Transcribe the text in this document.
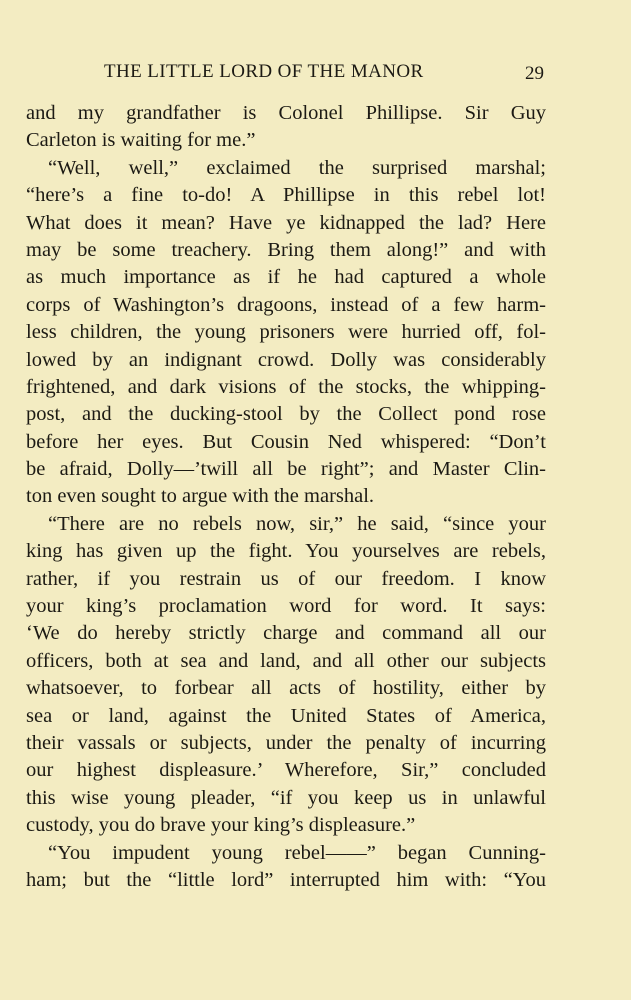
THE LITTLE LORD OF THE MANOR	29
and my grandfather is Colonel Phillipse. Sir Guy
Carleton is waiting for me.”
“Well, well,” exclaimed the surprised marshal;
“here’s a fine to-do! A Phillipse in this rebel lot!
What does it mean? Have ye kidnapped the lad? Here
may be some treachery. Bring them along!” and with
as much importance as if he had captured a whole
corps of Washington’s dragoons, instead of a few harm-
less children, the young prisoners were hurried off, fol-
lowed by an indignant crowd. Dolly was considerably
frightened, and dark visions of the stocks, the whipping-
post, and the ducking-stool by the Collect pond rose
before her eyes. But Cousin Ned whispered: “Don’t
be afraid, Dolly—’twill all be right”; and Master Clin-
ton even sought to argue with the marshal.
“There are no rebels now, sir,” he said, “since your
king has given up the fight. You yourselves are rebels,
rather, if you restrain us of our freedom. I know
your king’s proclamation word for word. It says:
‘We do hereby strictly charge and command all our
officers, both at sea and land, and all other our subjects
whatsoever, to forbear all acts of hostility, either by
sea or land, against the United States of America,
their vassals or subjects, under the penalty of incurring
our highest displeasure.’ Wherefore, Sir,” concluded
this wise young pleader, “if you keep us in unlawful
custody, you do brave your king’s displeasure.”
“You impudent young rebel——” began Cunning-
ham; but the “little lord” interrupted him with: “You
